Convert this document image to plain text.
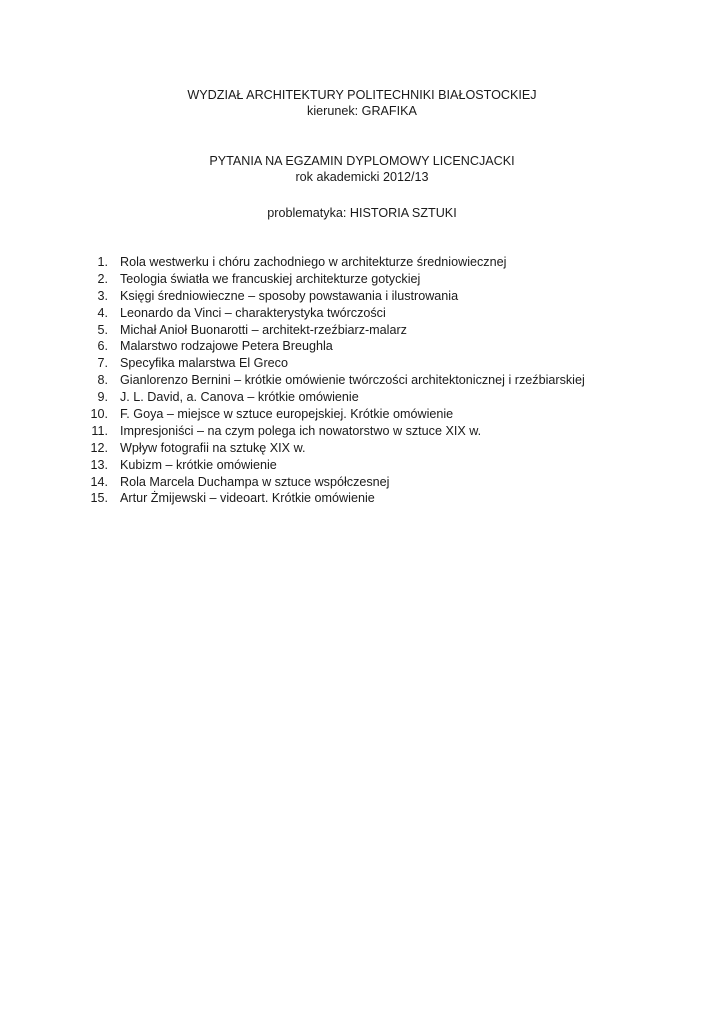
WYDZIAŁ ARCHITEKTURY POLITECHNIKI BIAŁOSTOCKIEJ
kierunek: GRAFIKA
PYTANIA NA EGZAMIN DYPLOMOWY LICENCJACKI
rok akademicki 2012/13
problematyka: HISTORIA SZTUKI
1. Rola westwerku i chóru zachodniego w architekturze średniowiecznej
2. Teologia światła we francuskiej architekturze gotyckiej
3. Księgi średniowieczne – sposoby powstawania i ilustrowania
4. Leonardo da Vinci – charakterystyka twórczości
5. Michał Anioł Buonarotti – architekt-rzeźbiarz-malarz
6. Malarstwo rodzajowe Petera Breughla
7. Specyfika malarstwa El Greco
8. Gianlorenzo Bernini – krótkie omówienie twórczości architektonicznej i rzeźbiarskiej
9. J. L. David, a. Canova – krótkie omówienie
10. F. Goya – miejsce w sztuce europejskiej. Krótkie omówienie
11. Impresjoniści – na czym polega ich nowatorstwo w sztuce XIX w.
12. Wpływ fotografii na sztukę XIX w.
13. Kubizm – krótkie omówienie
14. Rola Marcela Duchampa w sztuce współczesnej
15. Artur Żmijewski – videoart. Krótkie omówienie
